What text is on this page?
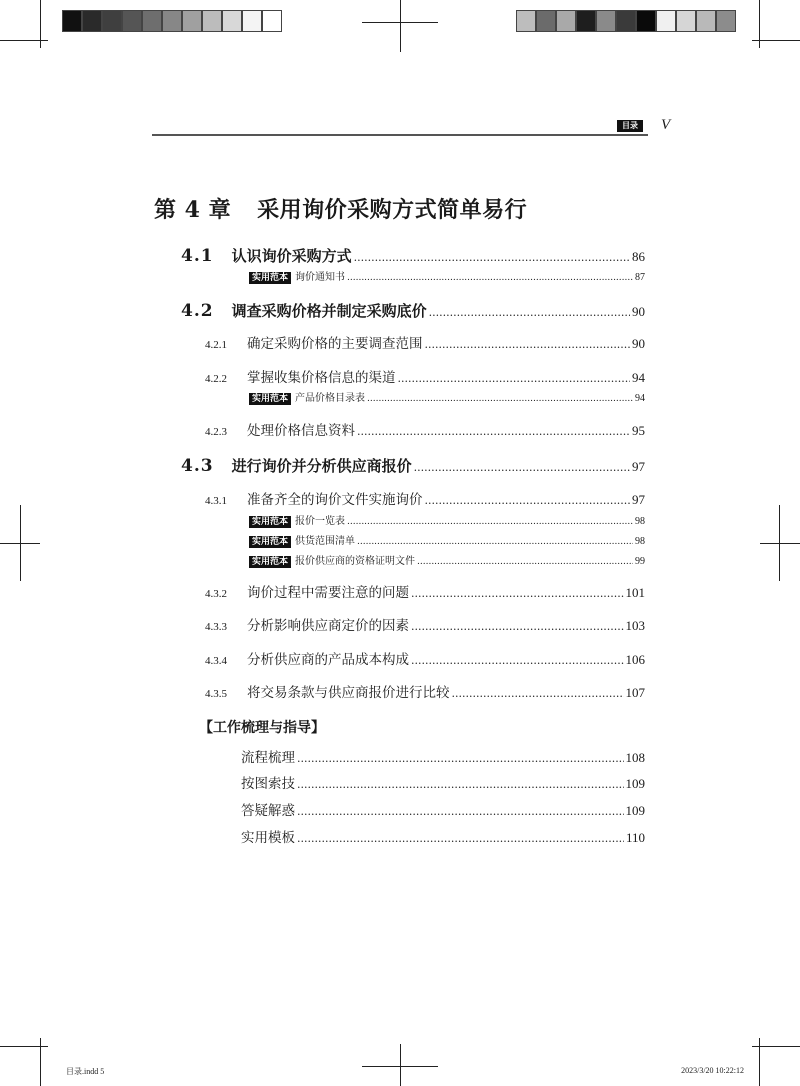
目录	V
第 4 章 采用询价采购方式简单易行
4.1 认识询价采购方式 .....	86
实用范本 询价通知书 .....	87
4.2 调查采购价格并制定采购底价 .....	90
4.2.1	确定采购价格的主要调查范围 .....	90
4.2.2	掌握收集价格信息的渠道 .....	94
实用范本 产品价格目录表 .....	94
4.2.3	处理价格信息资料 .....	95
4.3 进行询价并分析供应商报价 .....	97
4.3.1	准备齐全的询价文件实施询价 .....	97
实用范本 报价一览表 .....	98
实用范本 供货范围清单 .....	98
实用范本 报价供应商的资格证明文件 .....	99
4.3.2	询价过程中需要注意的问题 .....	101
4.3.3	分析影响供应商定价的因素 .....	103
4.3.4	分析供应商的产品成本构成 .....	106
4.3.5	将交易条款与供应商报价进行比较 .....	107
【工作梳理与指导】
流程梳理 .....	108
按图索技 .....	109
答疑解惑 .....	109
实用模板 .....	110
目录.indd 5	2023/3/20 10:22:12
